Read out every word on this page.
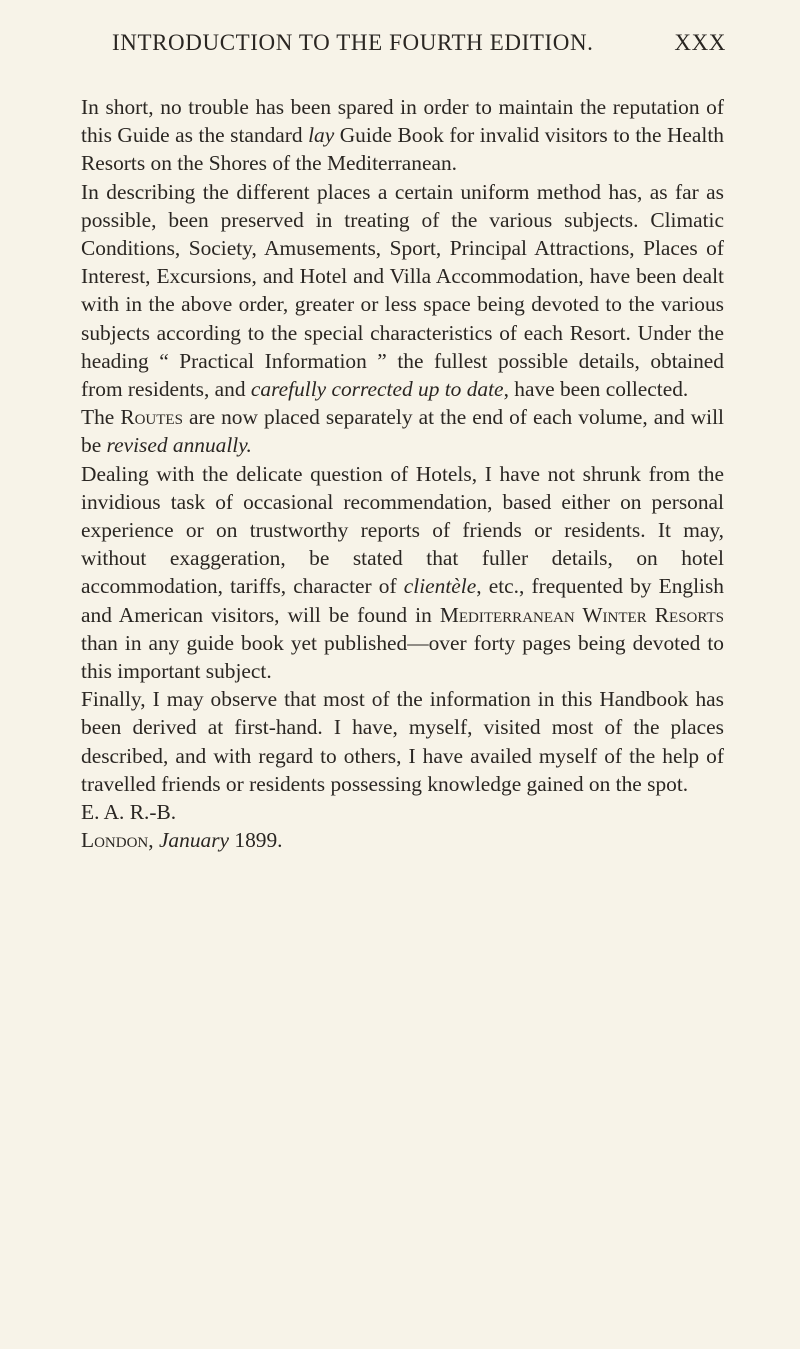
INTRODUCTION TO THE FOURTH EDITION.	XXX

In short, no trouble has been spared in order to maintain the reputation of this Guide as the standard lay Guide Book for invalid visitors to the Health Resorts on the Shores of the Mediterranean.

In describing the different places a certain uniform method has, as far as possible, been preserved in treating of the various subjects. Climatic Conditions, Society, Amusements, Sport, Principal Attractions, Places of Interest, Excursions, and Hotel and Villa Accommodation, have been dealt with in the above order, greater or less space being devoted to the various subjects according to the special characteristics of each Resort. Under the heading “ Practical Information ” the fullest possible details, obtained from residents, and carefully corrected up to date, have been collected.

The Routes are now placed separately at the end of each volume, and will be revised annually.

Dealing with the delicate question of Hotels, I have not shrunk from the invidious task of occasional recommendation, based either on personal experience or on trustworthy reports of friends or residents. It may, without exaggeration, be stated that fuller details, on hotel accommodation, tariffs, character of clientèle, etc., frequented by English and American visitors, will be found in Mediterranean Winter Resorts than in any guide book yet published—over forty pages being devoted to this important subject.

Finally, I may observe that most of the information in this Handbook has been derived at first-hand. I have, myself, visited most of the places described, and with regard to others, I have availed myself of the help of travelled friends or residents possessing knowledge gained on the spot.

E. A. R.-B.

London, January 1899.
